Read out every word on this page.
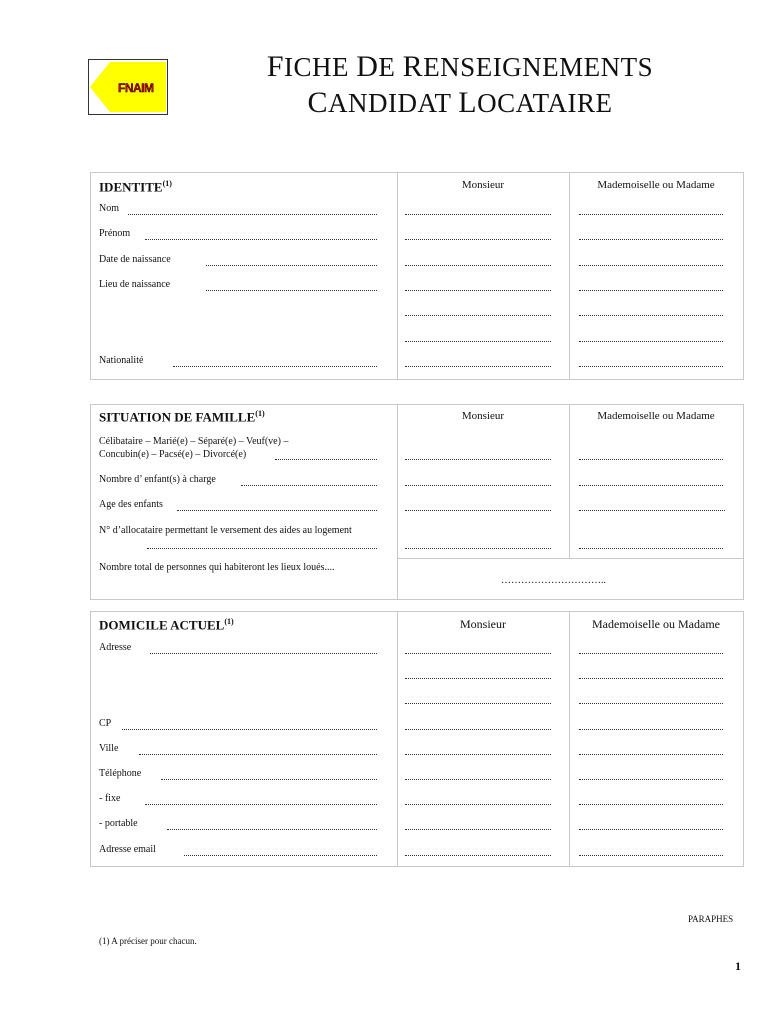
FNAIM
FICHE DE RENSEIGNEMENTS
CANDIDAT LOCATAIRE
IDENTITE$^{(1)}$	Monsieur	Mademoiselle ou Madame
Nom
Prénom
Date de naissance
Lieu de naissance
Nationalité
SITUATION DE FAMILLE$^{(1)}$	Monsieur	Mademoiselle ou Madame
Célibataire – Marié(e) – Séparé(e) – Veuf(ve) –
Concubin(e) – Pacsé(e) – Divorcé(e)
Nombre d’ enfant(s) à charge
Age des enfants
N° d’allocataire permettant le versement des aides au logement
Nombre total de personnes qui habiteront les lieux loués....
…………………………..
DOMICILE ACTUEL$^{(1)}$	Monsieur	Mademoiselle ou Madame
Adresse
CP
Ville
Téléphone
- fixe
- portable
Adresse email
PARAPHES
(1) A préciser pour chacun.
1
